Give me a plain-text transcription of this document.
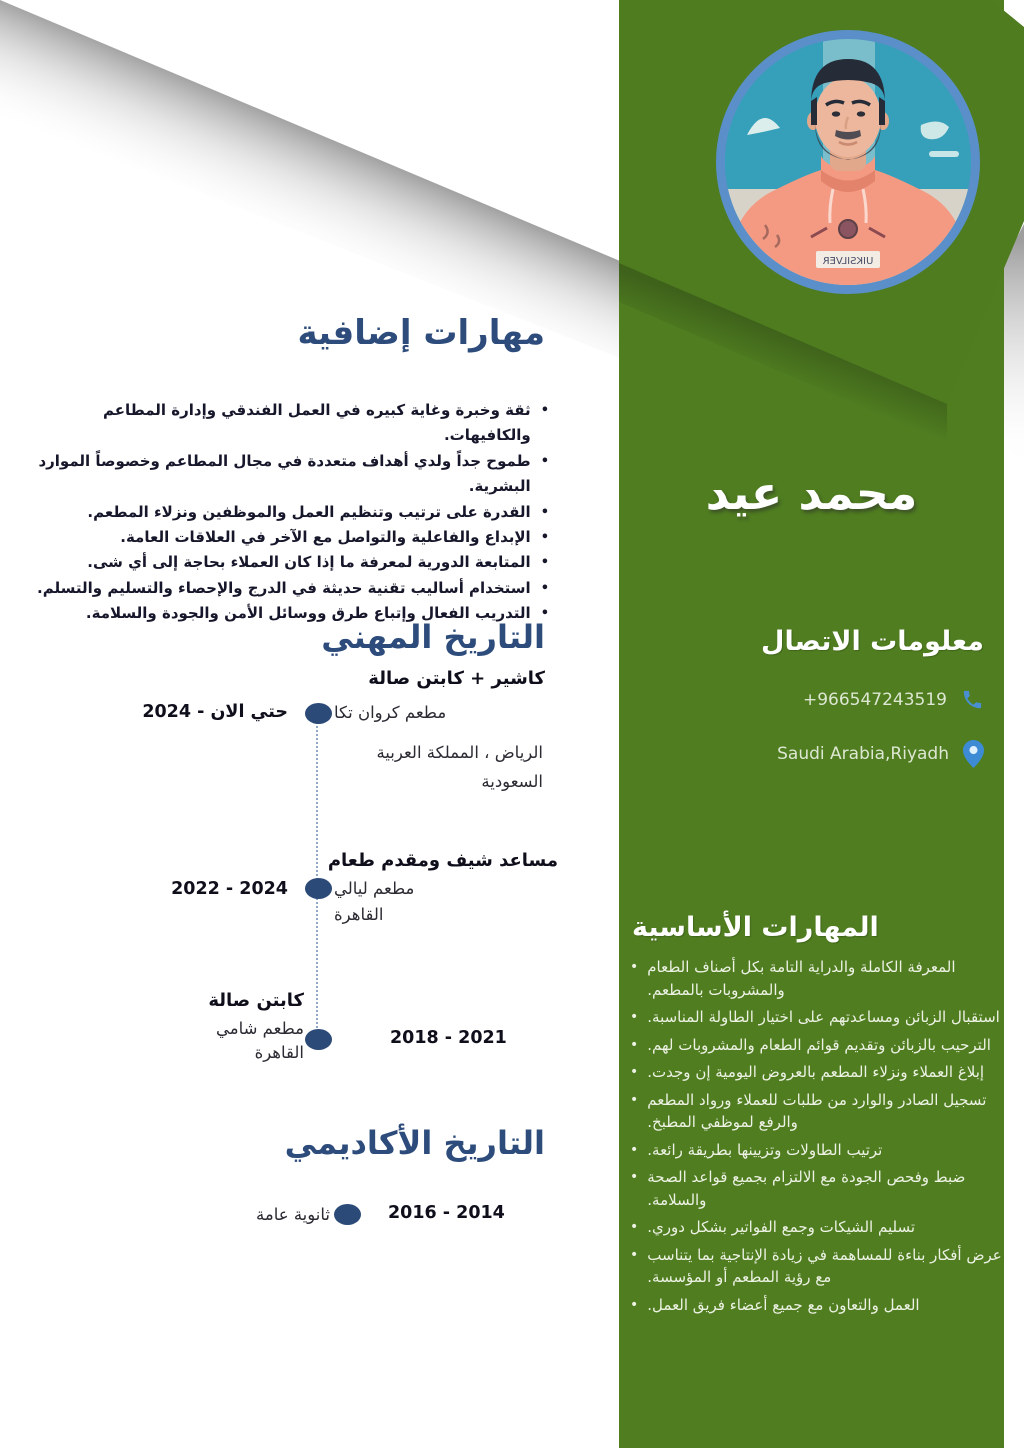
UIKSILVER
محمد عيد
معلومات الاتصال
+966547243519
Saudi Arabia,Riyadh
المهارات الأساسية
• المعرفة الكاملة والدراية التامة بكل أصناف الطعام والمشروبات بالمطعم.
• استقبال الزبائن ومساعدتهم على اختيار الطاولة المناسبة.
• الترحيب بالزبائن وتقديم قوائم الطعام والمشروبات لهم.
• إبلاغ العملاء ونزلاء المطعم بالعروض اليومية إن وجدت.
• تسجيل الصادر والوارد من طلبات للعملاء ورواد المطعم والرفع لموظفي المطبخ.
• ترتيب الطاولات وتزيينها بطريقة رائعة.
• ضبط وفحص الجودة مع الالتزام بجميع قواعد الصحة والسلامة.
• تسليم الشيكات وجمع الفواتير بشكل دوري.
• عرض أفكار بناءة للمساهمة في زيادة الإنتاجية بما يتناسب مع رؤية المطعم أو المؤسسة.
• العمل والتعاون مع جميع أعضاء فريق العمل.
مهارات إضافية
•
ثقة وخبرة وغاية كبيره في العمل الفندقي وإدارة المطاعم والكافيهات.
•
طموح جداً ولدي أهداف متعددة في مجال المطاعم وخصوصاً الموارد البشرية.
•
القدرة على ترتيب وتنظيم العمل والموظفين ونزلاء المطعم.
•
الإبداع والفاعلية والتواصل مع الآخر في العلاقات العامة.
•
المتابعة الدورية لمعرفة ما إذا كان العملاء بحاجة إلى أي شى.
•
استخدام أساليب تقنية حديثة في الدرج والإحصاء والتسليم والتسلم.
•
التدريب الفعال وإتباع طرق ووسائل الأمن والجودة والسلامة.
التاريخ المهني
كاشير + كابتن صالة
حتي الان - 2024	مطعم كروان تكا
الرياض ، المملكة العربية السعودية
مساعد شيف ومقدم طعام
2022 - 2024	مطعم ليالي
القاهرة
كابتن صالة
مطعم شامي
القاهرة
2018 - 2021
التاريخ الأكاديمي
ثانوية عامة	2016 - 2014
